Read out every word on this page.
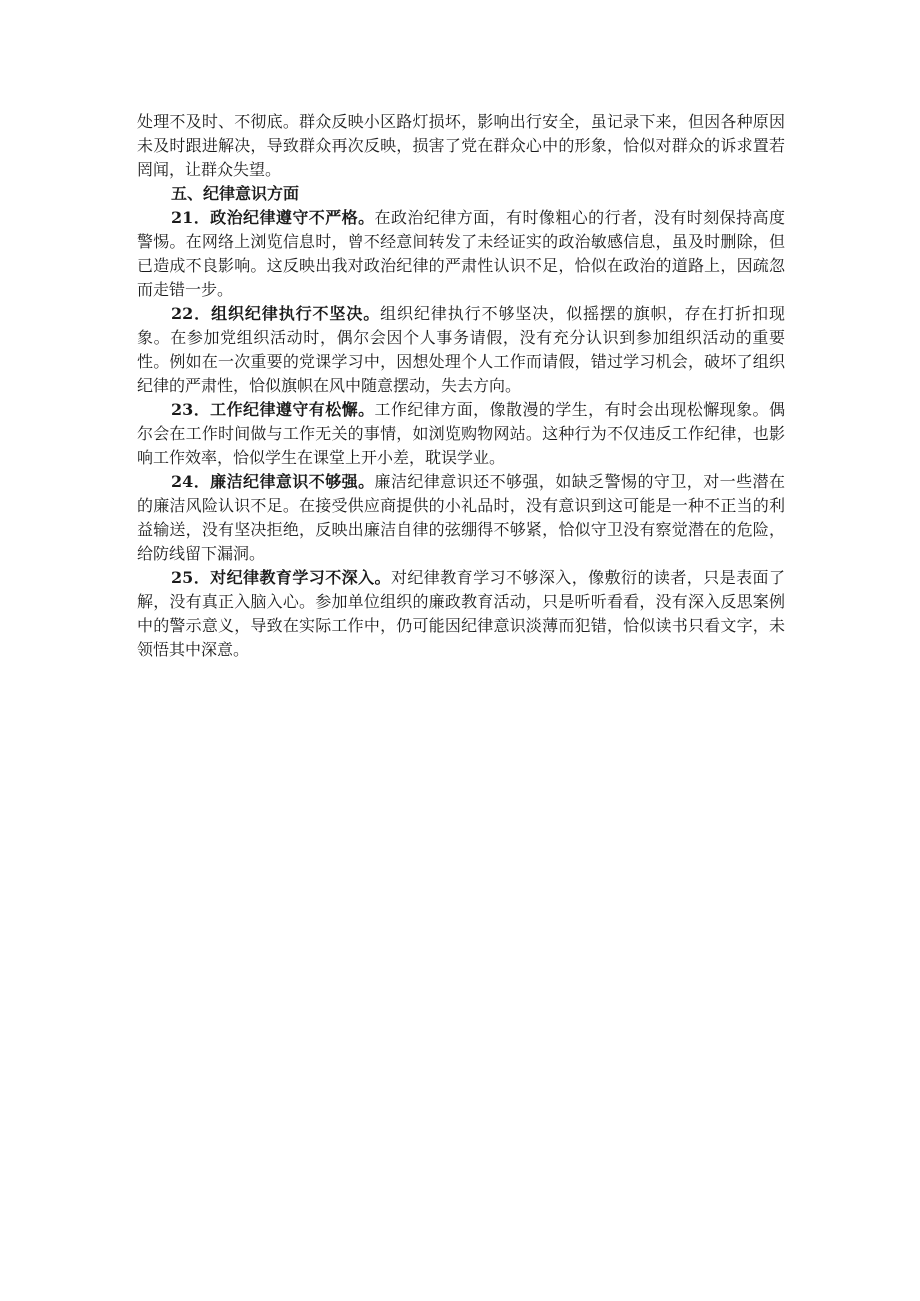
处理不及时、不彻底。群众反映小区路灯损坏，影响出行安全，虽记录下来，但因各种原因未及时跟进解决，导致群众再次反映，损害了党在群众心中的形象，恰似对群众的诉求置若罔闻，让群众失望。

五、纪律意识方面

21．政治纪律遵守不严格。在政治纪律方面，有时像粗心的行者，没有时刻保持高度警惕。在网络上浏览信息时，曾不经意间转发了未经证实的政治敏感信息，虽及时删除，但已造成不良影响。这反映出我对政治纪律的严肃性认识不足，恰似在政治的道路上，因疏忽而走错一步。

22．组织纪律执行不坚决。组织纪律执行不够坚决，似摇摆的旗帜，存在打折扣现象。在参加党组织活动时，偶尔会因个人事务请假，没有充分认识到参加组织活动的重要性。例如在一次重要的党课学习中，因想处理个人工作而请假，错过学习机会，破坏了组织纪律的严肃性，恰似旗帜在风中随意摆动，失去方向。

23．工作纪律遵守有松懈。工作纪律方面，像散漫的学生，有时会出现松懈现象。偶尔会在工作时间做与工作无关的事情，如浏览购物网站。这种行为不仅违反工作纪律，也影响工作效率，恰似学生在课堂上开小差，耽误学业。

24．廉洁纪律意识不够强。廉洁纪律意识还不够强，如缺乏警惕的守卫，对一些潜在的廉洁风险认识不足。在接受供应商提供的小礼品时，没有意识到这可能是一种不正当的利益输送，没有坚决拒绝，反映出廉洁自律的弦绷得不够紧，恰似守卫没有察觉潜在的危险，给防线留下漏洞。

25．对纪律教育学习不深入。对纪律教育学习不够深入，像敷衍的读者，只是表面了解，没有真正入脑入心。参加单位组织的廉政教育活动，只是听听看看，没有深入反思案例中的警示意义，导致在实际工作中，仍可能因纪律意识淡薄而犯错，恰似读书只看文字，未领悟其中深意。
